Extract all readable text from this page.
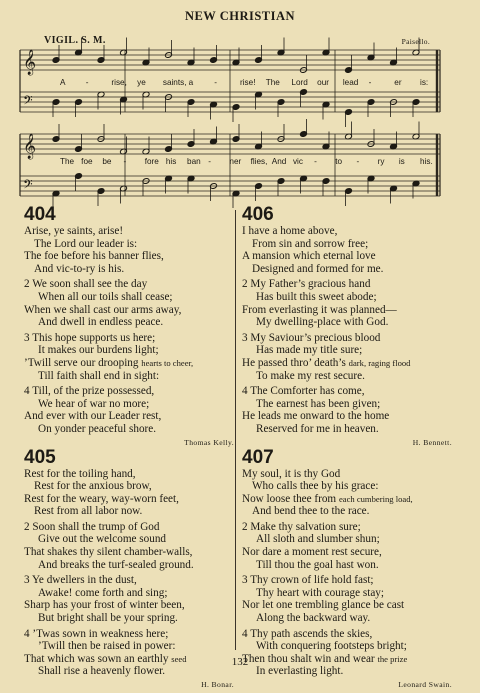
NEW CHRISTIAN
𝄞
𝄢
𝄞
𝄢
VIGIL. S. M.	Paisello.
A -	rise, ye saints, a	-	rise! The Lord our lead -	er is:
The foe be - fore his ban - ner flies, And vic - to - ry is his.
404
Arise, ye saints, arise!
The Lord our leader is:
The foe before his banner flies,
And vic-to-ry is his.
2 We soon shall see the day
When all our toils shall cease;
When we shall cast our arms away,
And dwell in endless peace.
3 This hope supports us here;
It makes our burdens light;
’Twill serve our drooping hearts to cheer,
Till faith shall end in sight:
4 Till, of the prize possessed,
We hear of war no more;
And ever with our Leader rest,
On yonder peaceful shore.
Thomas Kelly.
405
Rest for the toiling hand,
Rest for the anxious brow,
Rest for the weary, way-worn feet,
Rest from all labor now.
2 Soon shall the trump of God
Give out the welcome sound
That shakes thy silent chamber-walls,
And breaks the turf-sealed ground.
3 Ye dwellers in the dust,
Awake! come forth and sing;
Sharp has your frost of winter been,
But bright shall be your spring.
4 ’Twas sown in weakness here;
’Twill then be raised in power:
That which was sown an earthly seed
Shall rise a heavenly flower.
H. Bonar.
406
I have a home above,
From sin and sorrow free;
A mansion which eternal love
Designed and formed for me.
2 My Father’s gracious hand
Has built this sweet abode;
From everlasting it was planned—
My dwelling-place with God.
3 My Saviour’s precious blood
Has made my title sure;
He passed thro’ death’s dark, raging flood
To make my rest secure.
4 The Comforter has come,
The earnest has been given;
He leads me onward to the home
Reserved for me in heaven.
H. Bennett.
407
My soul, it is thy God
Who calls thee by his grace:
Now loose thee from each cumbering load,
And bend thee to the race.
2 Make thy salvation sure;
All sloth and slumber shun;
Nor dare a moment rest secure,
Till thou the goal hast won.
3 Thy crown of life hold fast;
Thy heart with courage stay;
Nor let one trembling glance be cast
Along the backward way.
4 Thy path ascends the skies,
With conquering footsteps bright;
Then thou shalt win and wear the prize
In everlasting light.
Leonard Swain.
132
